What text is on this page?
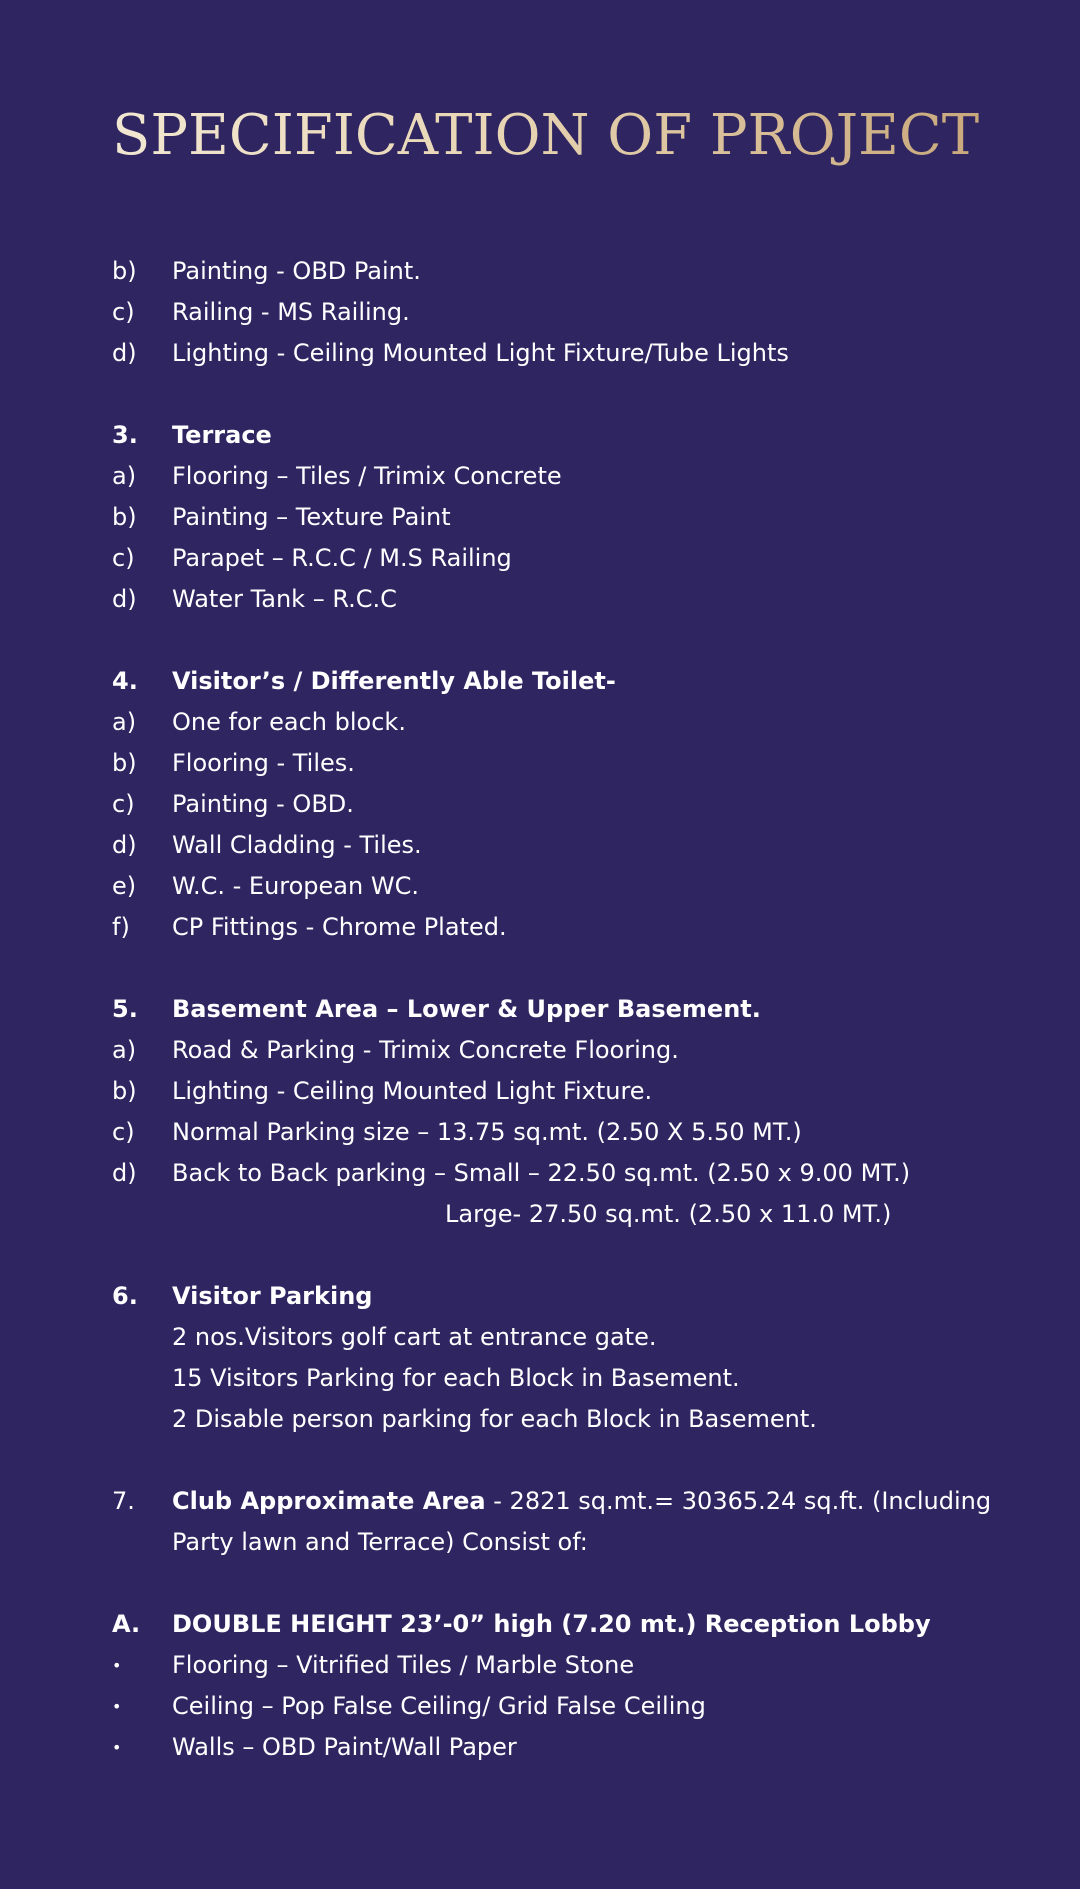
SPECIFICATION OF PROJECT
b) Painting - OBD Paint.
c) Railing - MS Railing.
d) Lighting - Ceiling Mounted Light Fixture/Tube Lights
3. Terrace
a) Flooring – Tiles / Trimix Concrete
b) Painting – Texture Paint
c) Parapet – R.C.C / M.S Railing
d) Water Tank – R.C.C
4. Visitor’s / Differently Able Toilet-
a) One for each block.
b) Flooring - Tiles.
c) Painting - OBD.
d) Wall Cladding - Tiles.
e) W.C. - European WC.
f) CP Fittings - Chrome Plated.
5. Basement Area – Lower & Upper Basement.
a) Road & Parking - Trimix Concrete Flooring.
b) Lighting - Ceiling Mounted Light Fixture.
c) Normal Parking size – 13.75 sq.mt. (2.50 X 5.50 MT.)
d) Back to Back parking – Small – 22.50 sq.mt. (2.50 x 9.00 MT.)
Large- 27.50 sq.mt. (2.50 x 11.0 MT.)
6. Visitor Parking
2 nos.Visitors golf cart at entrance gate.
15 Visitors Parking for each Block in Basement.
2 Disable person parking for each Block in Basement.
7. Club Approximate Area - 2821 sq.mt.= 30365.24 sq.ft. (Including
Party lawn and Terrace) Consist of:
A. DOUBLE HEIGHT 23’-0” high (7.20 mt.) Reception Lobby
• Flooring – Vitrified Tiles / Marble Stone
• Ceiling – Pop False Ceiling/ Grid False Ceiling
• Walls – OBD Paint/Wall Paper
